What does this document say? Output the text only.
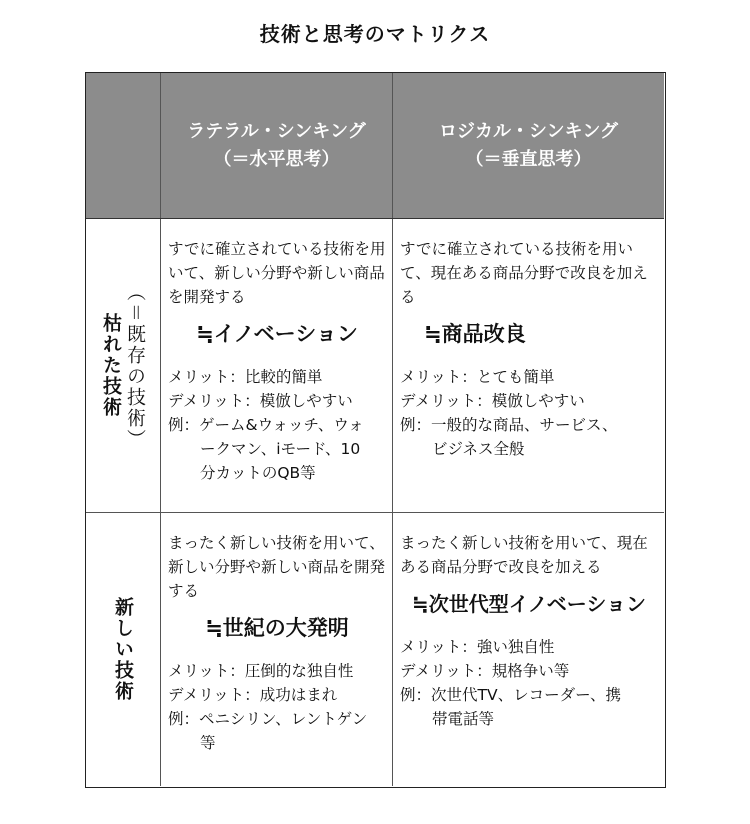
技術と思考のマトリクス
ラテラル・シンキング
（＝水平思考）
ロジカル・シンキング
（＝垂直思考）
枯れた技術 （＝既存の技術）
新しい技術

すでに確立されている技術を用いて、新しい分野や新しい商品を開発する

≒イノベーション

メリット：比較的簡単

デメリット：模倣しやすい

例： ゲーム&ウォッチ、ウォ

ークマン、iモード、10

分カットのQB等

すでに確立されている技術を用いて、現在ある商品分野で改良を加える

≒商品改良

メリット：とても簡単

デメリット：模倣しやすい

例： 一般的な商品、サービス、

ビジネス全般

まったく新しい技術を用いて、新しい分野や新しい商品を開発する

≒世紀の大発明

メリット：圧倒的な独自性

デメリット：成功はまれ

例： ペニシリン、レントゲン

等

まったく新しい技術を用いて、現在ある商品分野で改良を加える

≒次世代型イノベーション

メリット：強い独自性

デメリット：規格争い等

例： 次世代TV、レコーダー、携

帯電話等
